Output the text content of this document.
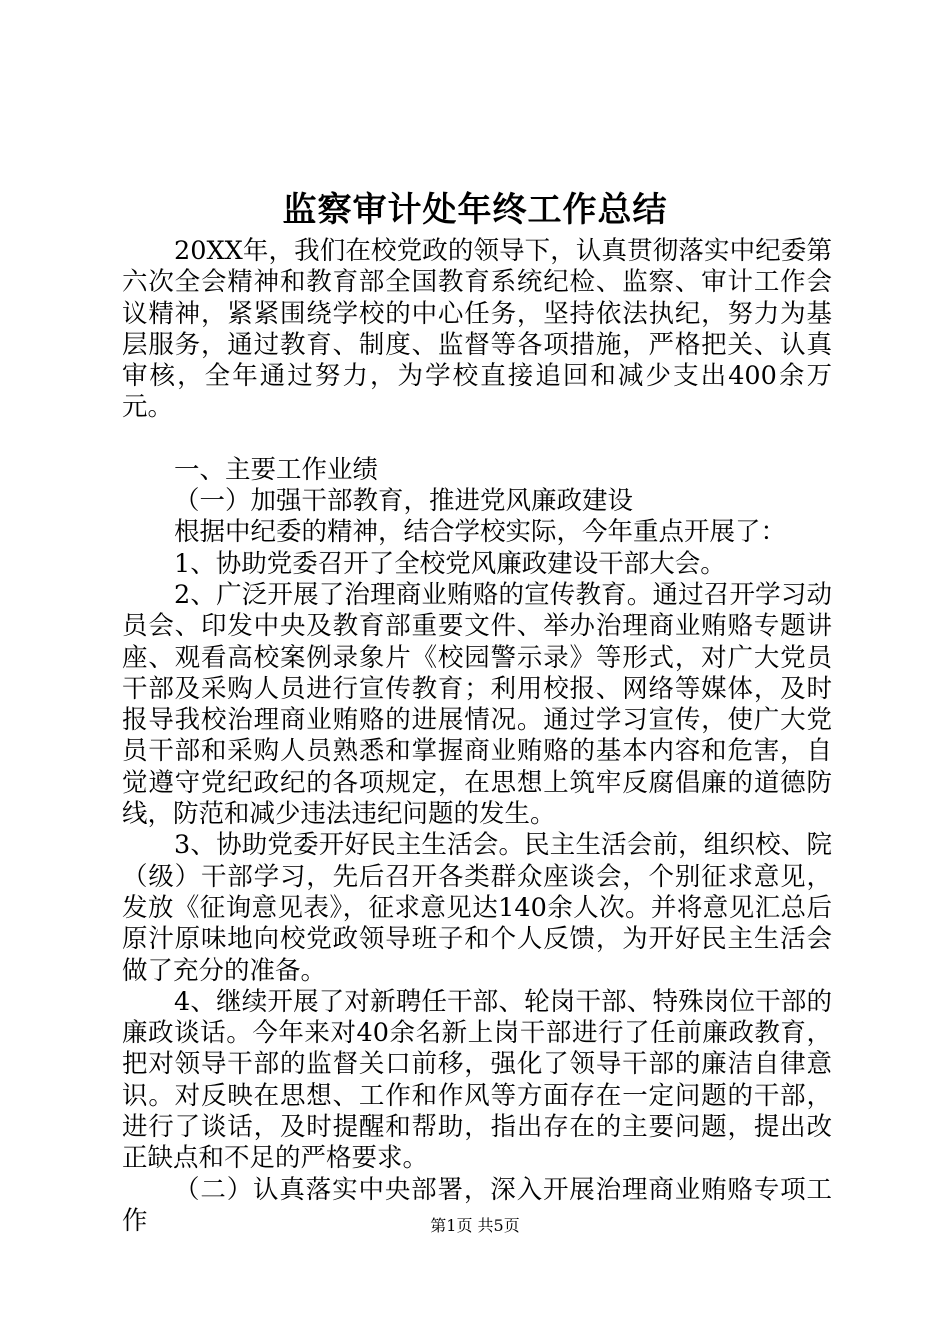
监察审计处年终工作总结

20XX年，我们在校党政的领导下，认真贯彻落实中纪委第六次全会精神和教育部全国教育系统纪检、监察、审计工作会议精神，紧紧围绕学校的中心任务，坚持依法执纪，努力为基层服务，通过教育、制度、监督等各项措施，严格把关、认真审核，全年通过努力，为学校直接追回和减少支出400余万元。

一、主要工作业绩

（一）加强干部教育，推进党风廉政建设

根据中纪委的精神，结合学校实际，今年重点开展了：

1、协助党委召开了全校党风廉政建设干部大会。

2、广泛开展了治理商业贿赂的宣传教育。通过召开学习动员会、印发中央及教育部重要文件、举办治理商业贿赂专题讲座、观看高校案例录象片《校园警示录》等形式，对广大党员干部及采购人员进行宣传教育；利用校报、网络等媒体，及时报导我校治理商业贿赂的进展情况。通过学习宣传，使广大党员干部和采购人员熟悉和掌握商业贿赂的基本内容和危害，自觉遵守党纪政纪的各项规定，在思想上筑牢反腐倡廉的道德防线，防范和减少违法违纪问题的发生。

3、协助党委开好民主生活会。民主生活会前，组织校、院（级）干部学习，先后召开各类群众座谈会，个别征求意见，发放《征询意见表》，征求意见达140余人次。并将意见汇总后原汁原味地向校党政领导班子和个人反馈，为开好民主生活会做了充分的准备。

4、继续开展了对新聘任干部、轮岗干部、特殊岗位干部的廉政谈话。今年来对40余名新上岗干部进行了任前廉政教育，把对领导干部的监督关口前移，强化了领导干部的廉洁自律意识。对反映在思想、工作和作风等方面存在一定问题的干部，进行了谈话，及时提醒和帮助，指出存在的主要问题，提出改正缺点和不足的严格要求。

（二）认真落实中央部署，深入开展治理商业贿赂专项工作	第1页 共5页
